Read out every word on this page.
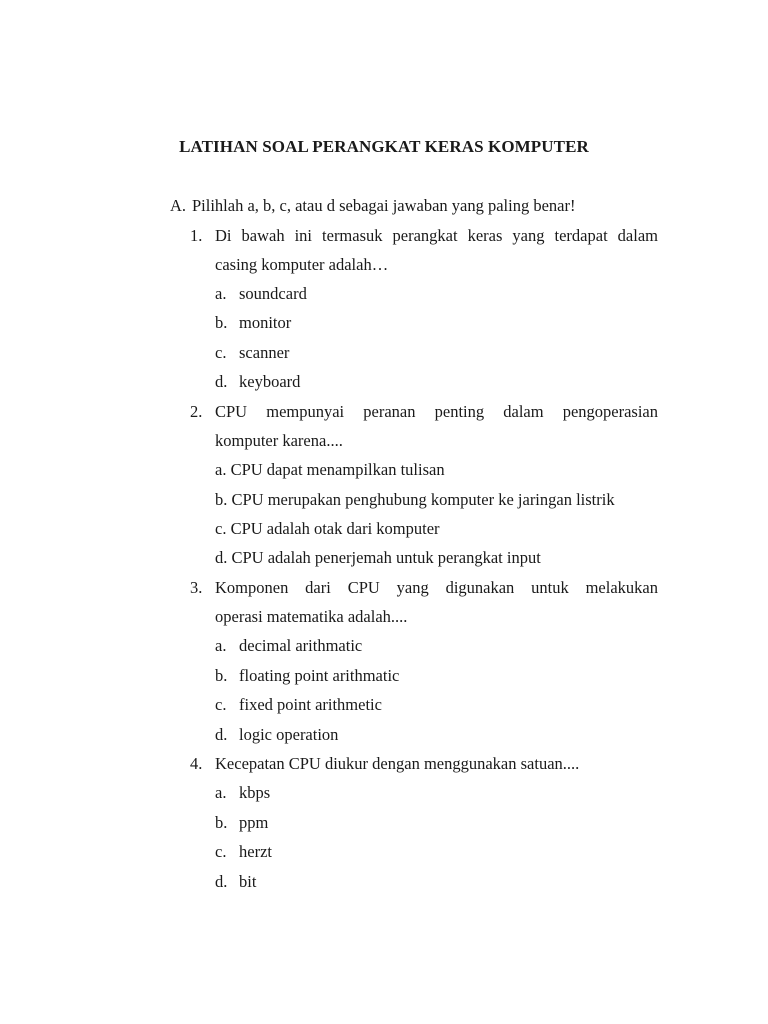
LATIHAN SOAL PERANGKAT KERAS KOMPUTER
A. Pilihlah a, b, c, atau d sebagai jawaban yang paling benar!
1. Di bawah ini termasuk perangkat keras yang terdapat dalam
casing komputer adalah…
a. soundcard
b. monitor
c. scanner
d. keyboard
2. CPU mempunyai peranan penting dalam pengoperasian
komputer karena....
a. CPU dapat menampilkan tulisan
b. CPU merupakan penghubung komputer ke jaringan listrik
c. CPU adalah otak dari komputer
d. CPU adalah penerjemah untuk perangkat input
3. Komponen dari CPU yang digunakan untuk melakukan
operasi matematika adalah....
a. decimal arithmatic
b. floating point arithmatic
c. fixed point arithmetic
d. logic operation
4. Kecepatan CPU diukur dengan menggunakan satuan....
a. kbps
b. ppm
c. herzt
d. bit
